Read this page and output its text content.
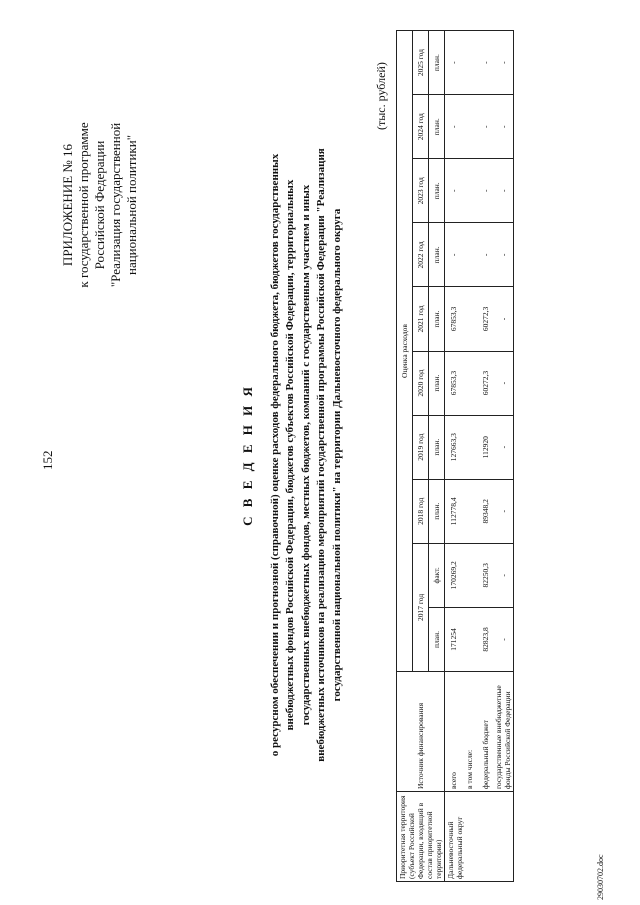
152
ПРИЛОЖЕНИЕ № 16 к государственной программе Российской Федерации "Реализация государственной национальной политики"
С В Е Д Е Н И Я о ресурсном обеспечении и прогнозной (справочной) оценке расходов федерального бюджета, бюджетов государственных внебюджетных фондов Российской Федерации, бюджетов субъектов Российской Федерации, территориальных государственных внебюджетных фондов, местных бюджетов, компаний с государственным участием и иных внебюджетных источников на реализацию мероприятий государственной программы Российской Федерации "Реализация государственной национальной политики" на территории Дальневосточного федерального округа
(тыс. рублей)
Приоритетная территория (субъект Российской Федерации, входящий в состав приоритетной территории)	Источник финансирования	Оценка расходов									
		2017 год		2018 год	2019 год	2020 год	2021 год	2022 год	2023 год	2024 год	2025 год
		план.	факт.	план.	план.	план.	план.	план.	план.	план.	план.
Дальневосточный федеральный округ	всего	171254	170269,2	112778,4	127663,3	67853,3	67853,3	-	-	-	-
	в том числе:										
	федеральный бюджет	82823,8	82250,3	89348,2	112920	60272,3	60272,3	-	-	-	-
	государственные внебюджетные фонды Российской Федерации	-	-	-	-	-	-	-	-	-	-
29030702.doc
